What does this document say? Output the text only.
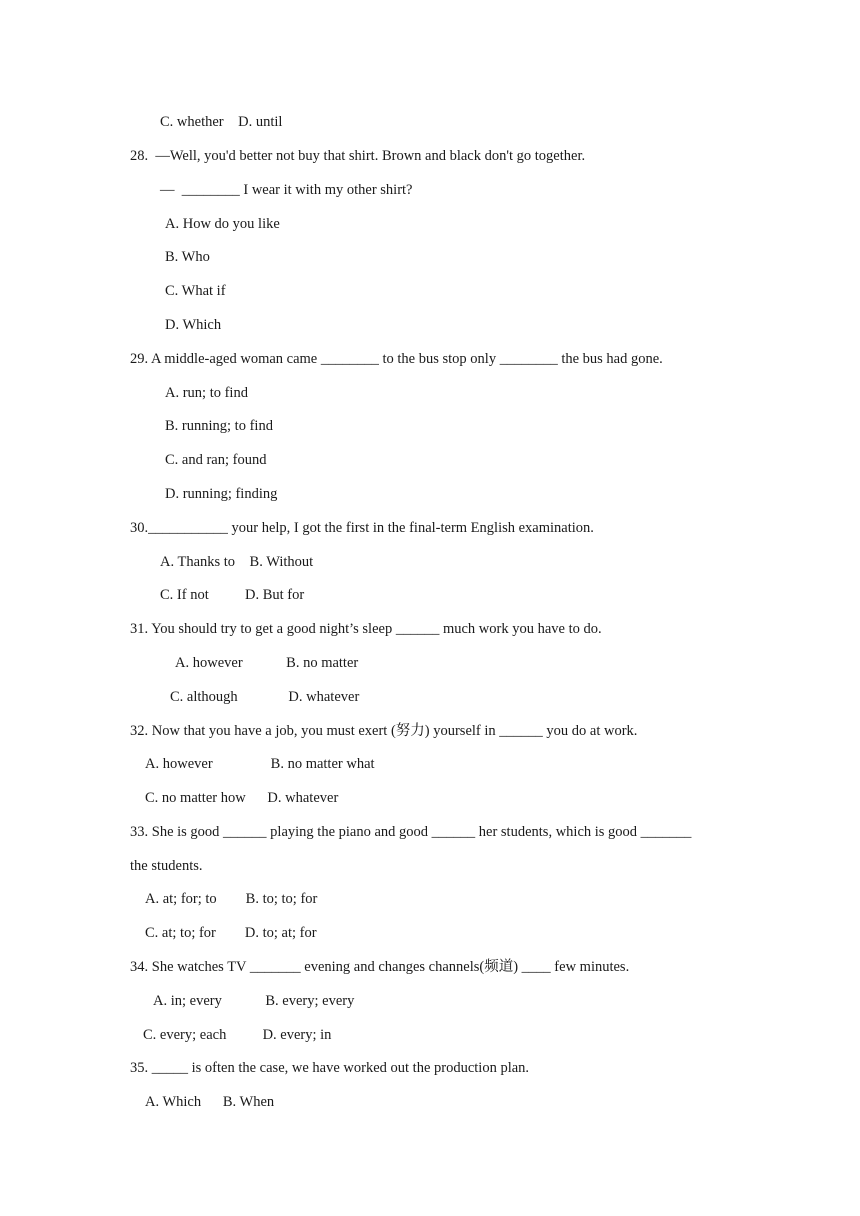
C. whether    D. until
28.  —Well, you'd better not buy that shirt. Brown and black don't go together.
—  ________ I wear it with my other shirt?
A. How do you like
B. Who
C. What if
D. Which
29. A middle-aged woman came ________ to the bus stop only ________ the bus had gone.
A. run; to find
B. running; to find
C. and ran; found
D. running; finding
30.___________ your help, I got the first in the final-term English examination.
A. Thanks to    B. Without
C. If not          D. But for
31. You should try to get a good night’s sleep ______ much work you have to do.
A. however            B. no matter
C. although              D. whatever
32. Now that you have a job, you must exert (努力) yourself in ______ you do at work.
A. however                B. no matter what
C. no matter how      D. whatever
33. She is good ______ playing the piano and good ______ her students, which is good _______
the students.
A. at; for; to        B. to; to; for
C. at; to; for        D. to; at; for
34. She watches TV _______ evening and changes channels(频道) ____ few minutes.
A. in; every            B. every; every
C. every; each          D. every; in
35. _____ is often the case, we have worked out the production plan.
A. Which      B. When
